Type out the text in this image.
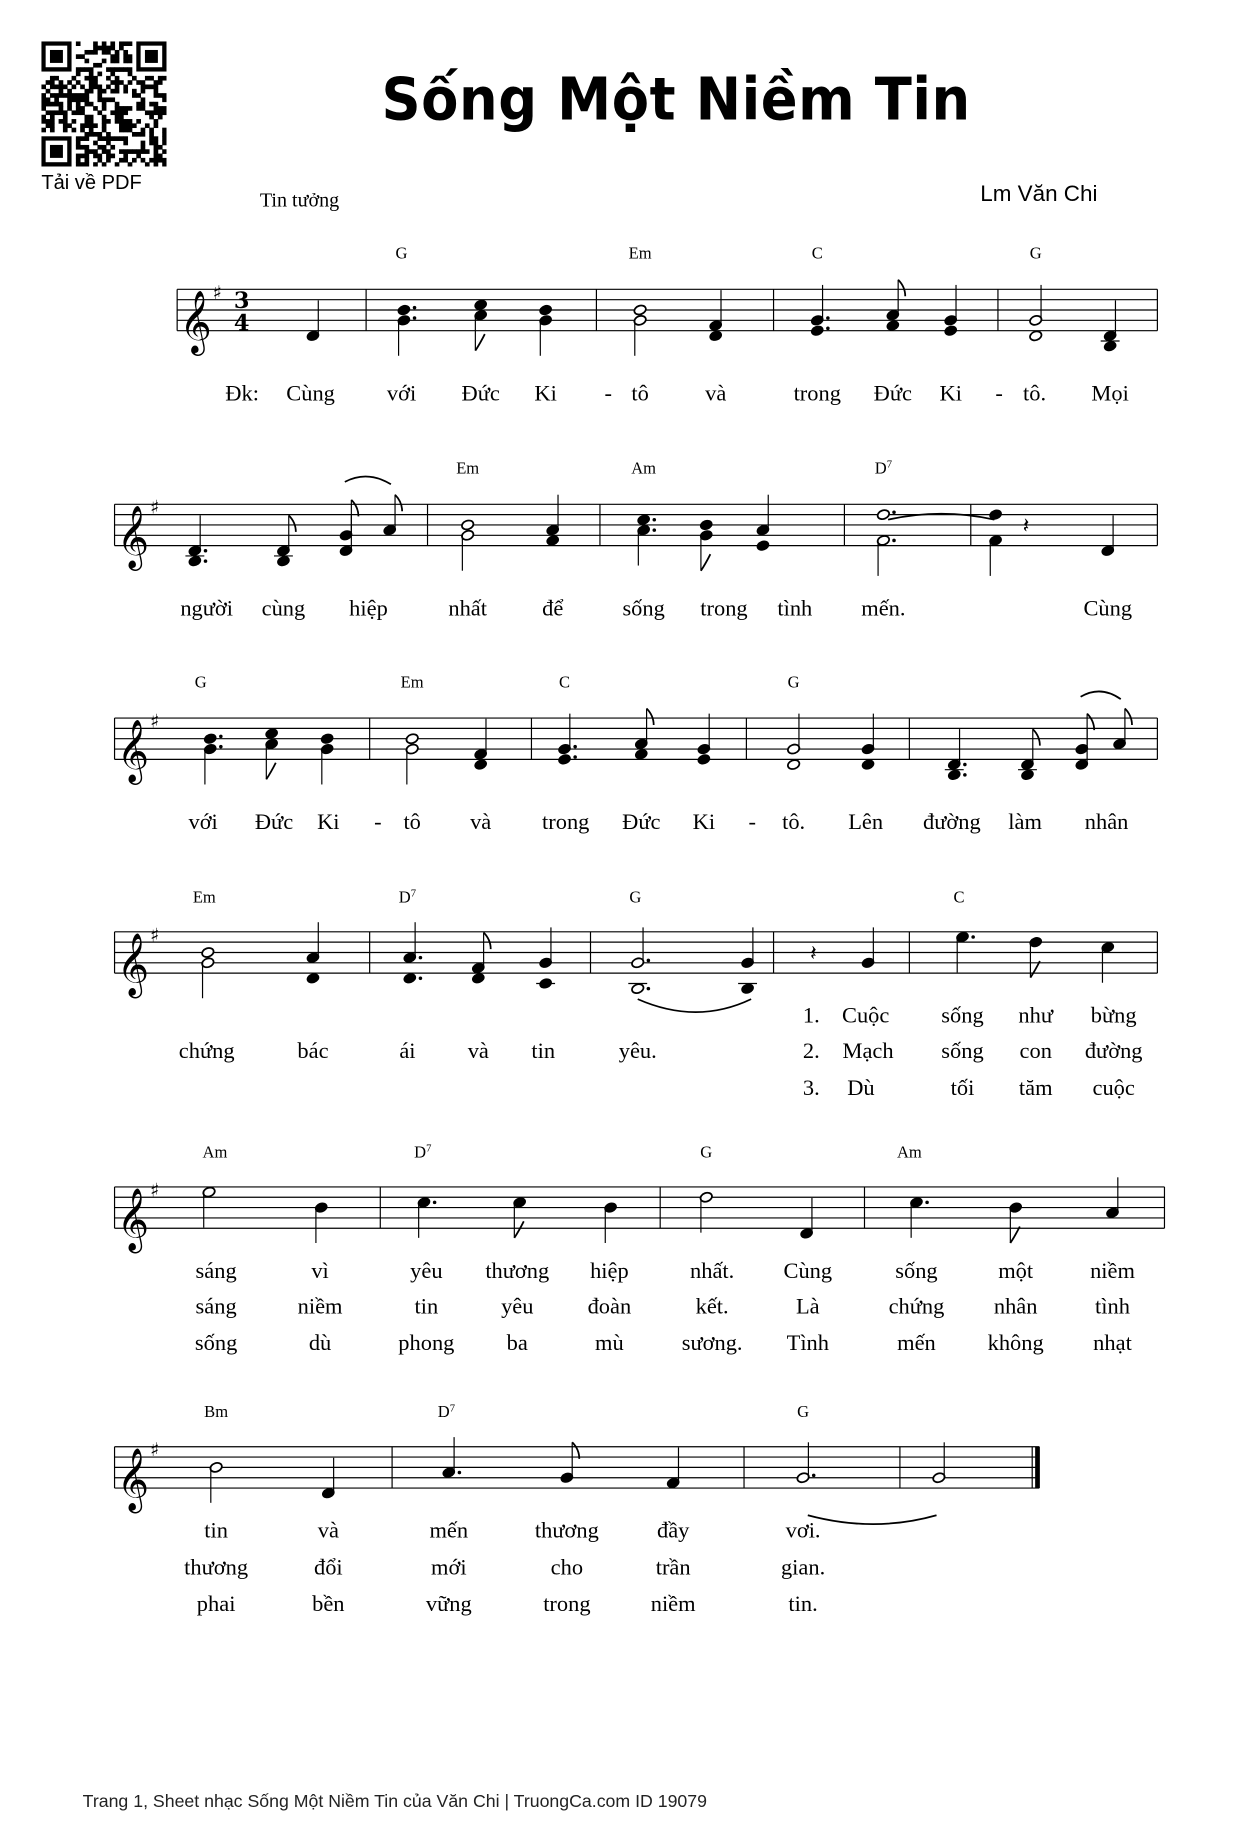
Tải về PDF
Sống Một Niềm Tin
Tin tưởng	Lm Văn Chi
𝄞 ♯ 3
4
G	Em	C	G
Đk: Cùng	với Đức Ki	- tô	và	trong Đức Ki - tô. Mọi
𝄞 ♯
𝄽
Em	Am	$D^7$
người cùng hiệp	nhất	để	sống trong tình	mến.	Cùng
𝄞 ♯
G	Em	C	G
với Đức Ki - tô	và	trong Đức Ki - tô. Lên đường làm nhân
𝄞 ♯
𝄽
Em	$D^7$	G	C
1. Cuộc	sống như bừng
chứng	bác	ái	và tin	yêu.	2. Mạch	sống con đường
3. Dù	tối tăm cuộc
𝄞 ♯
Am	$D^7$	G	Am
sáng	vì	yêu thương hiệp	nhất.	Cùng	sống	một	niềm
sáng	niềm	tin	yêu	đoàn	kết.	Là	chứng	nhân	tình
sống	dù	phong	ba	mù	sương. Tình	mến	không	nhạt
𝄞 ♯
Bm	$D^7$	G
tin	và	mến	thương	đầy	vơi.
thương	đổi	mới	cho	trần	gian.
phai	bền	vững	trong	niềm	tin.
Trang 1, Sheet nhạc Sống Một Niềm Tin của Văn Chi | TruongCa.com ID 19079
